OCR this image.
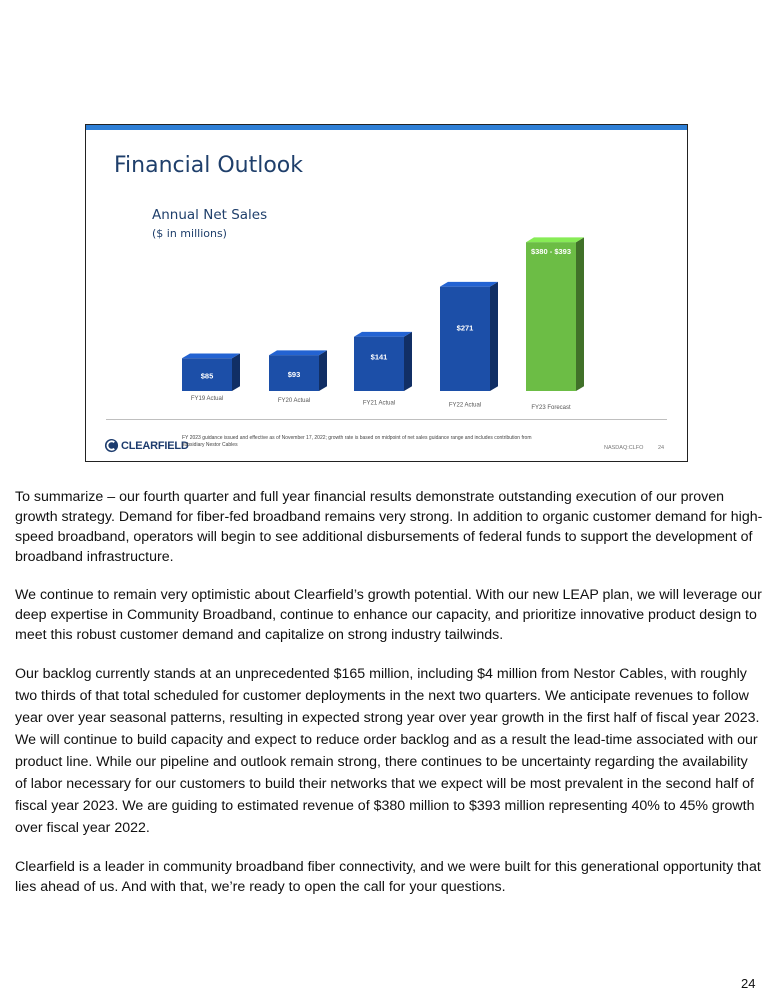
Financial Outlook
Annual Net Sales
($ in millions)
$85
FY19 Actual
$93
FY20 Actual
$141
FY21 Actual
$271
FY22 Actual
$380 - $393
FY23 Forecast
CLEARFIELD
FY 2023 guidance issued and effective as of November 17, 2022; growth rate is based on midpoint of net sales guidance range and includes contribution from subsidiary Nestor Cables	NASDAQ:CLFO	24

To summarize – our fourth quarter and full year financial results demonstrate outstanding execution of our proven growth strategy. Demand for fiber-fed broadband remains very strong. In addition to organic customer demand for high-speed broadband, operators will begin to see additional disbursements of federal funds to support the development of broadband infrastructure.

We continue to remain very optimistic about Clearfield’s growth potential. With our new LEAP plan, we will leverage our deep expertise in Community Broadband, continue to enhance our capacity, and prioritize innovative product design to meet this robust customer demand and capitalize on strong industry tailwinds.

Our backlog currently stands at an unprecedented $165 million, including $4 million from Nestor Cables, with roughly two thirds of that total scheduled for customer deployments in the next two quarters. We anticipate revenues to follow year over year seasonal patterns, resulting in expected strong year over year growth in the first half of fiscal year 2023. We will continue to build capacity and expect to reduce order backlog and as a result the lead-time associated with our product line. While our pipeline and outlook remain strong, there continues to be uncertainty regarding the availability of labor necessary for our customers to build their networks that we expect will be most prevalent in the second half of fiscal year 2023. We are guiding to estimated revenue of $380 million to $393 million representing 40% to 45% growth over fiscal year 2022.

Clearfield is a leader in community broadband fiber connectivity, and we were built for this generational opportunity that lies ahead of us. And with that, we’re ready to open the call for your questions.

24
